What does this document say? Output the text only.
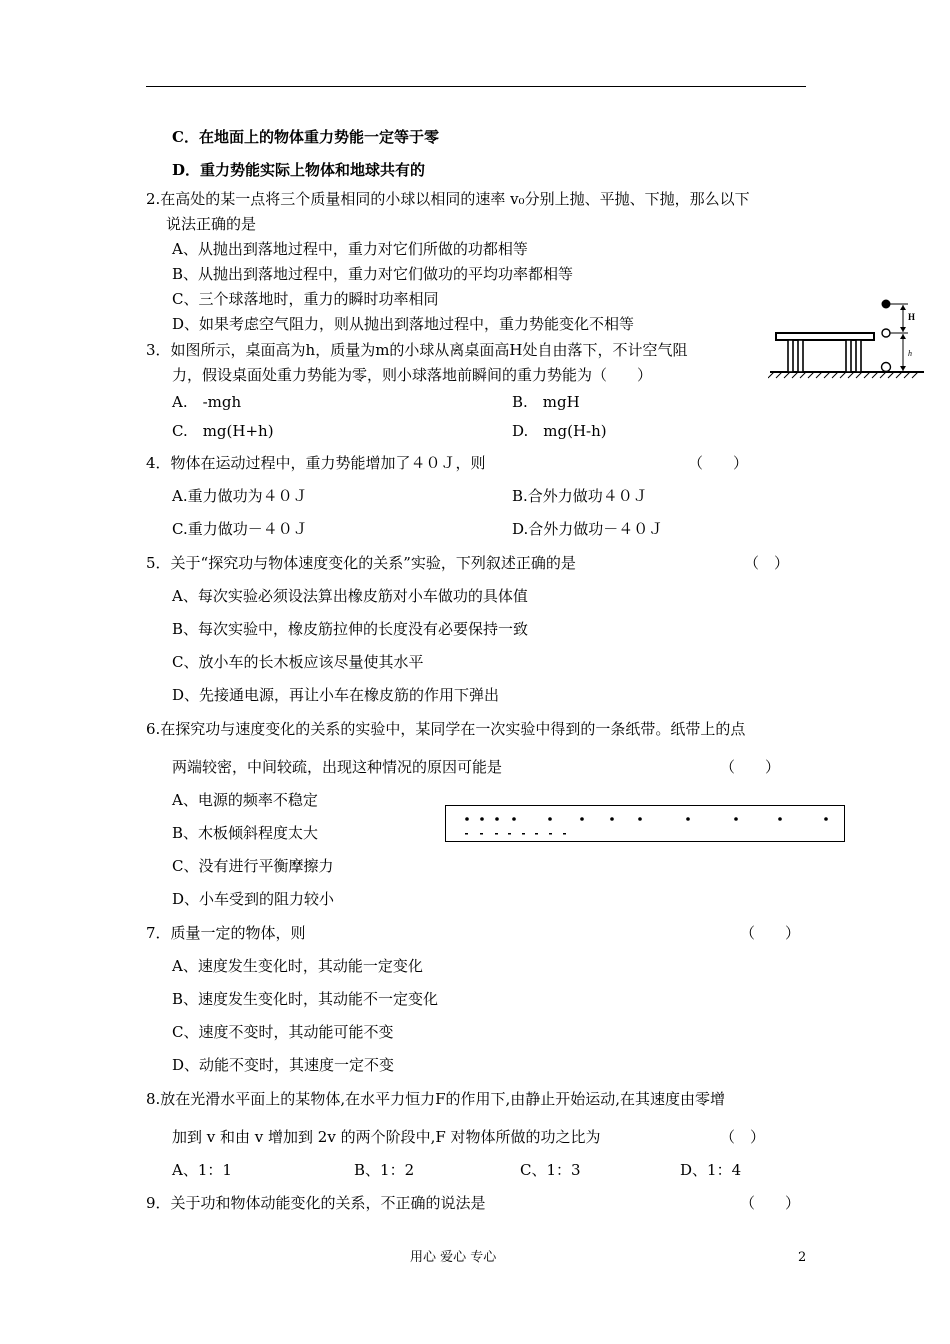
C．在地面上的物体重力势能一定等于零
D．重力势能实际上物体和地球共有的
2.在高处的某一点将三个质量相同的小球以相同的速率 v₀分别上抛、平抛、下抛，那么以下
说法正确的是
A、从抛出到落地过程中，重力对它们所做的功都相等
B、从抛出到落地过程中，重力对它们做功的平均功率都相等
C、三个球落地时，重力的瞬时功率相同
D、如果考虑空气阻力，则从抛出到落地过程中，重力势能变化不相等
3．如图所示，桌面高为h，质量为m的小球从离桌面高H处自由落下，不计空气阻
力，假设桌面处重力势能为零，则小球落地前瞬间的重力势能为（　　）
A.　-mgh	B.　mgH
C.　mg(H+h)	D.　mg(H-h)
H
h
4．物体在运动过程中，重力势能增加了４０Ｊ，则	（　　）
A.重力做功为４０Ｊ	B.合外力做功４０Ｊ
C.重力做功－４０Ｊ	D.合外力做功－４０Ｊ
5．关于“探究功与物体速度变化的关系”实验，下列叙述正确的是	（　）
A、每次实验必须设法算出橡皮筋对小车做功的具体值
B、每次实验中，橡皮筋拉伸的长度没有必要保持一致
C、放小车的长木板应该尽量使其水平
D、先接通电源，再让小车在橡皮筋的作用下弹出
6.在探究功与速度变化的关系的实验中，某同学在一次实验中得到的一条纸带。纸带上的点
两端较密，中间较疏，出现这种情况的原因可能是	（　　）
A、电源的频率不稳定
B、木板倾斜程度太大
C、没有进行平衡摩擦力
D、小车受到的阻力较小
7．质量一定的物体，则	（　　）
A、速度发生变化时，其动能一定变化
B、速度发生变化时，其动能不一定变化
C、速度不变时，其动能可能不变
D、动能不变时，其速度一定不变
8.放在光滑水平面上的某物体,在水平力恒力F的作用下,由静止开始运动,在其速度由零增
加到 v 和由 v 增加到 2v 的两个阶段中,F 对物体所做的功之比为	（　）
A、1：1	B、1：2	C、1：3	D、1：4
9．关于功和物体动能变化的关系，不正确的说法是	（　　）
用心 爱心 专心	2
